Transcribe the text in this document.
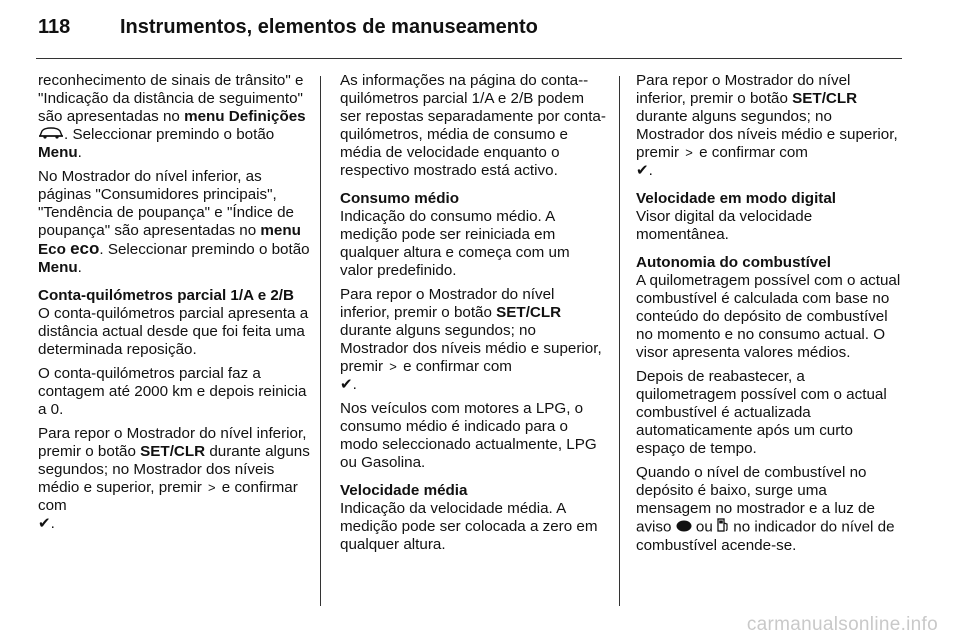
118	Instrumentos, elementos de manuseamento

reconhecimento de sinais de trânsito" e "Indicação da distância de seguimento" são apresentadas no menu Definições . Seleccionar premindo o botão Menu.

No Mostrador do nível inferior, as páginas "Consumidores principais", "Tendência de poupança" e "Índice de poupança" são apresentadas no menu Eco eco. Seleccionar premindo o botão Menu.

Conta-quilómetros parcial 1/A e 2/B

O conta-quilómetros parcial apresenta a distância actual desde que foi feita uma determinada reposição.

O conta-quilómetros parcial faz a contagem até 2000 km e depois reinicia a 0.

Para repor o Mostrador do nível inferior, premir o botão SET/CLR durante alguns segundos; no Mostrador dos níveis médio e superior, premir > e confirmar com
✔.

As informações na página do conta--quilómetros parcial 1/A e 2/B podem ser repostas separadamente por conta-quilómetros, média de consumo e média de velocidade enquanto o respectivo mostrado está activo.

Consumo médio

Indicação do consumo médio. A medição pode ser reiniciada em qualquer altura e começa com um valor predefinido.

Para repor o Mostrador do nível inferior, premir o botão SET/CLR durante alguns segundos; no Mostrador dos níveis médio e superior, premir > e confirmar com
✔.

Nos veículos com motores a LPG, o consumo médio é indicado para o modo seleccionado actualmente, LPG ou Gasolina.

Velocidade média

Indicação da velocidade média. A medição pode ser colocada a zero em qualquer altura.

Para repor o Mostrador do nível inferior, premir o botão SET/CLR durante alguns segundos; no Mostrador dos níveis médio e superior, premir > e confirmar com
✔.

Velocidade em modo digital

Visor digital da velocidade momentânea.

Autonomia do combustível

A quilometragem possível com o actual combustível é calculada com base no conteúdo do depósito de combustível no momento e no consumo actual. O visor apresenta valores médios.

Depois de reabastecer, a quilometragem possível com o actual combustível é actualizada automaticamente após um curto espaço de tempo.

Quando o nível de combustível no depósito é baixo, surge uma mensagem no mostrador e a luz de aviso  ou  no indicador do nível de combustível acende-se.

carmanualsonline.info
